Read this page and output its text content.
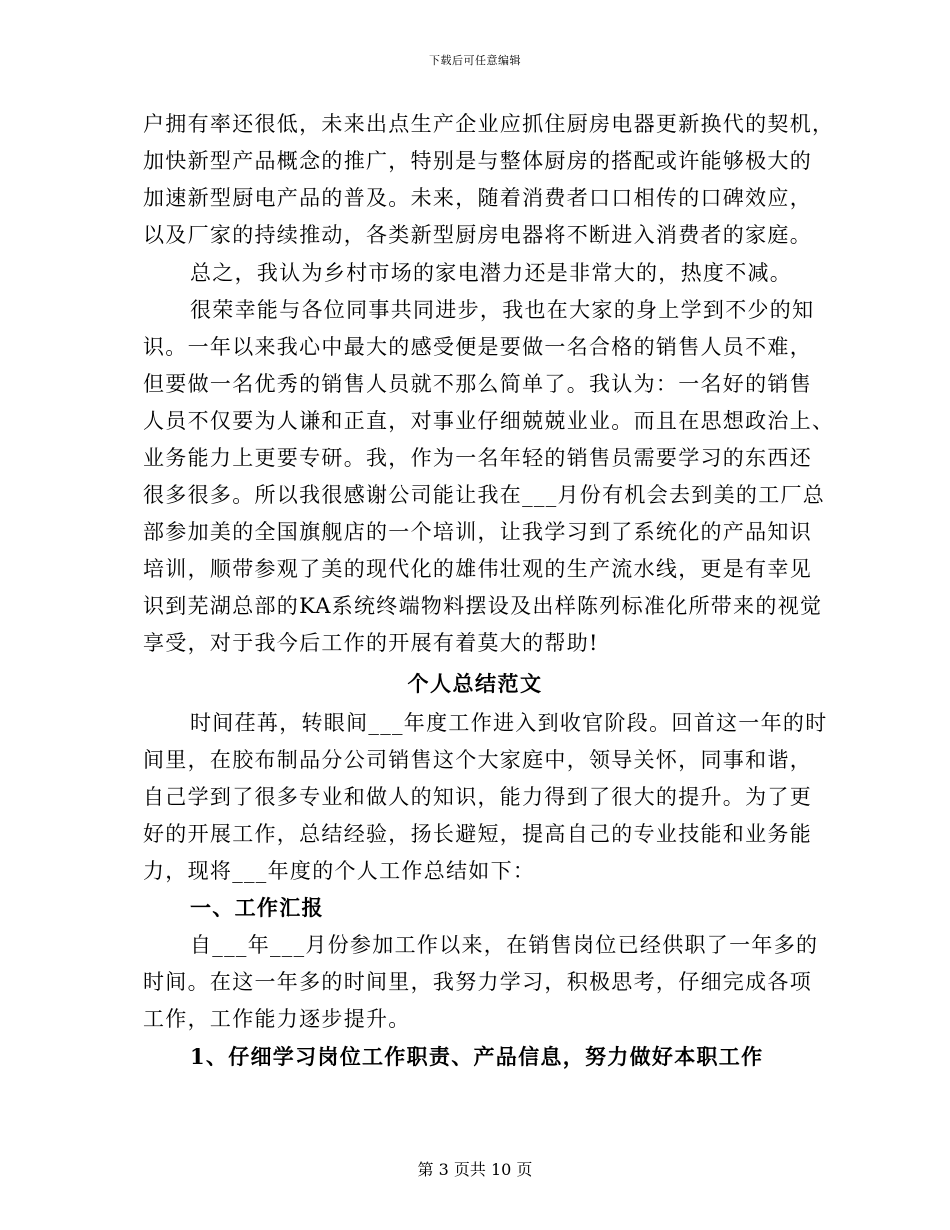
下载后可任意编辑
户拥有率还很低，未来出点生产企业应抓住厨房电器更新换代的契机，
加快新型产品概念的推广，特别是与整体厨房的搭配或许能够极大的
加速新型厨电产品的普及。未来，随着消费者口口相传的口碑效应，
以及厂家的持续推动，各类新型厨房电器将不断进入消费者的家庭。
总之，我认为乡村市场的家电潜力还是非常大的，热度不减。
很荣幸能与各位同事共同进步，我也在大家的身上学到不少的知
识。一年以来我心中最大的感受便是要做一名合格的销售人员不难，
但要做一名优秀的销售人员就不那么简单了。我认为：一名好的销售
人员不仅要为人谦和正直，对事业仔细兢兢业业。而且在思想政治上、
业务能力上更要专研。我，作为一名年轻的销售员需要学习的东西还
很多很多。所以我很感谢公司能让我在___月份有机会去到美的工厂总
部参加美的全国旗舰店的一个培训，让我学习到了系统化的产品知识
培训，顺带参观了美的现代化的雄伟壮观的生产流水线，更是有幸见
识到芜湖总部的KA系统终端物料摆设及出样陈列标准化所带来的视觉
享受，对于我今后工作的开展有着莫大的帮助!
个人总结范文
时间荏苒，转眼间___年度工作进入到收官阶段。回首这一年的时
间里，在胶布制品分公司销售这个大家庭中，领导关怀，同事和谐，
自己学到了很多专业和做人的知识，能力得到了很大的提升。为了更
好的开展工作，总结经验，扬长避短，提高自己的专业技能和业务能
力，现将___年度的个人工作总结如下：
一、工作汇报
自___年___月份参加工作以来，在销售岗位已经供职了一年多的
时间。在这一年多的时间里，我努力学习，积极思考，仔细完成各项
工作，工作能力逐步提升。
1、仔细学习岗位工作职责、产品信息，努力做好本职工作
第 3 页共 10 页
